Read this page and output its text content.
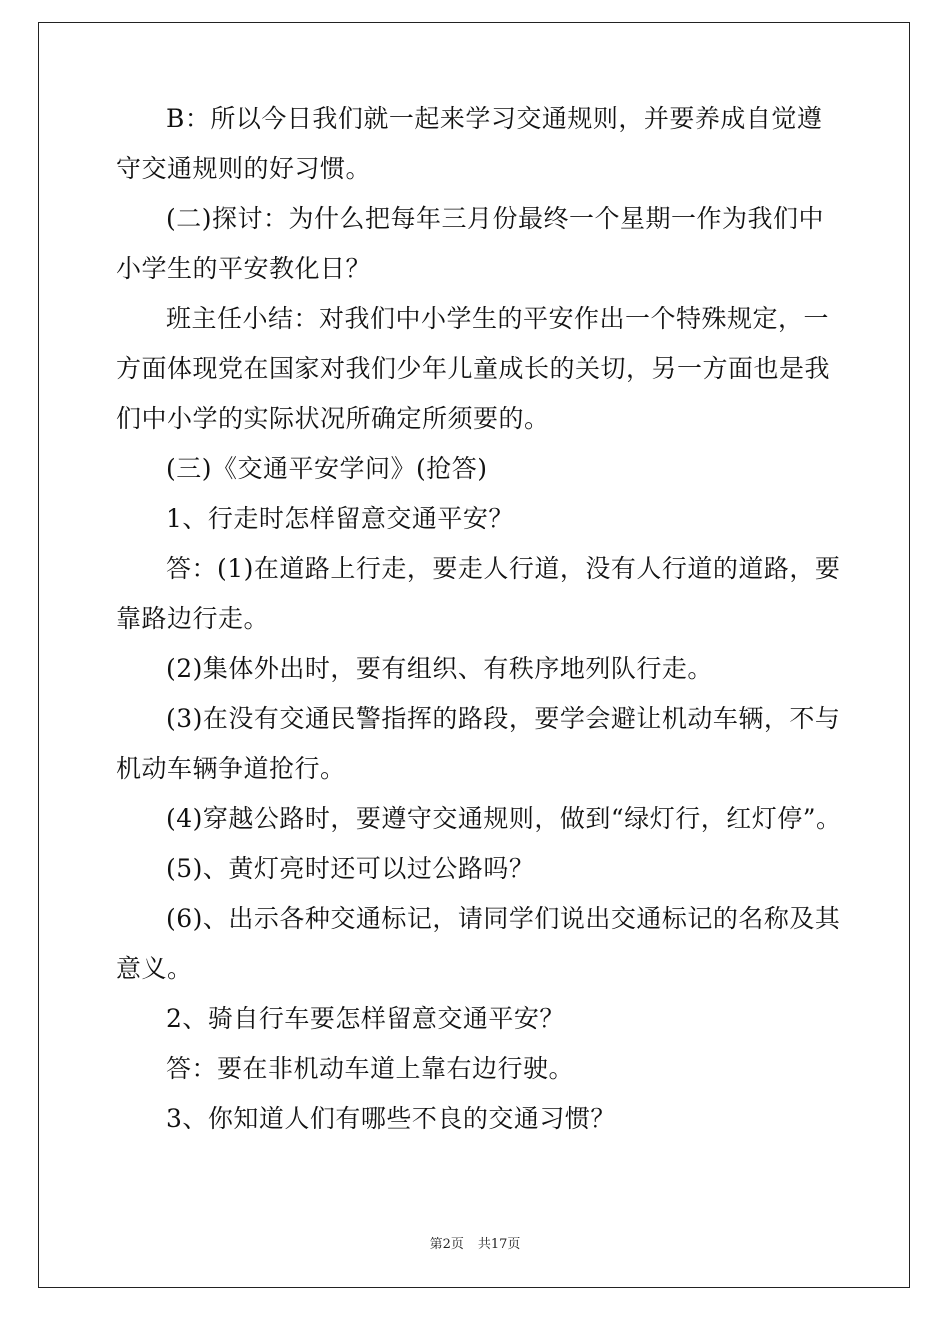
B：所以今日我们就一起来学习交通规则，并要养成自觉遵守交通规则的好习惯。

(二)探讨：为什么把每年三月份最终一个星期一作为我们中小学生的平安教化日？

班主任小结：对我们中小学生的平安作出一个特殊规定，一方面体现党在国家对我们少年儿童成长的关切，另一方面也是我们中小学的实际状况所确定所须要的。

(三)《交通平安学问》(抢答)

1、行走时怎样留意交通平安？

答：(1)在道路上行走，要走人行道，没有人行道的道路，要靠路边行走。

(2)集体外出时，要有组织、有秩序地列队行走。

(3)在没有交通民警指挥的路段，要学会避让机动车辆，不与机动车辆争道抢行。

(4)穿越公路时，要遵守交通规则，做到“绿灯行，红灯停”。

(5)、黄灯亮时还可以过公路吗？

(6)、出示各种交通标记，请同学们说出交通标记的名称及其意义。

2、骑自行车要怎样留意交通平安？

答：要在非机动车道上靠右边行驶。

3、你知道人们有哪些不良的交通习惯？

第2页 共17页
